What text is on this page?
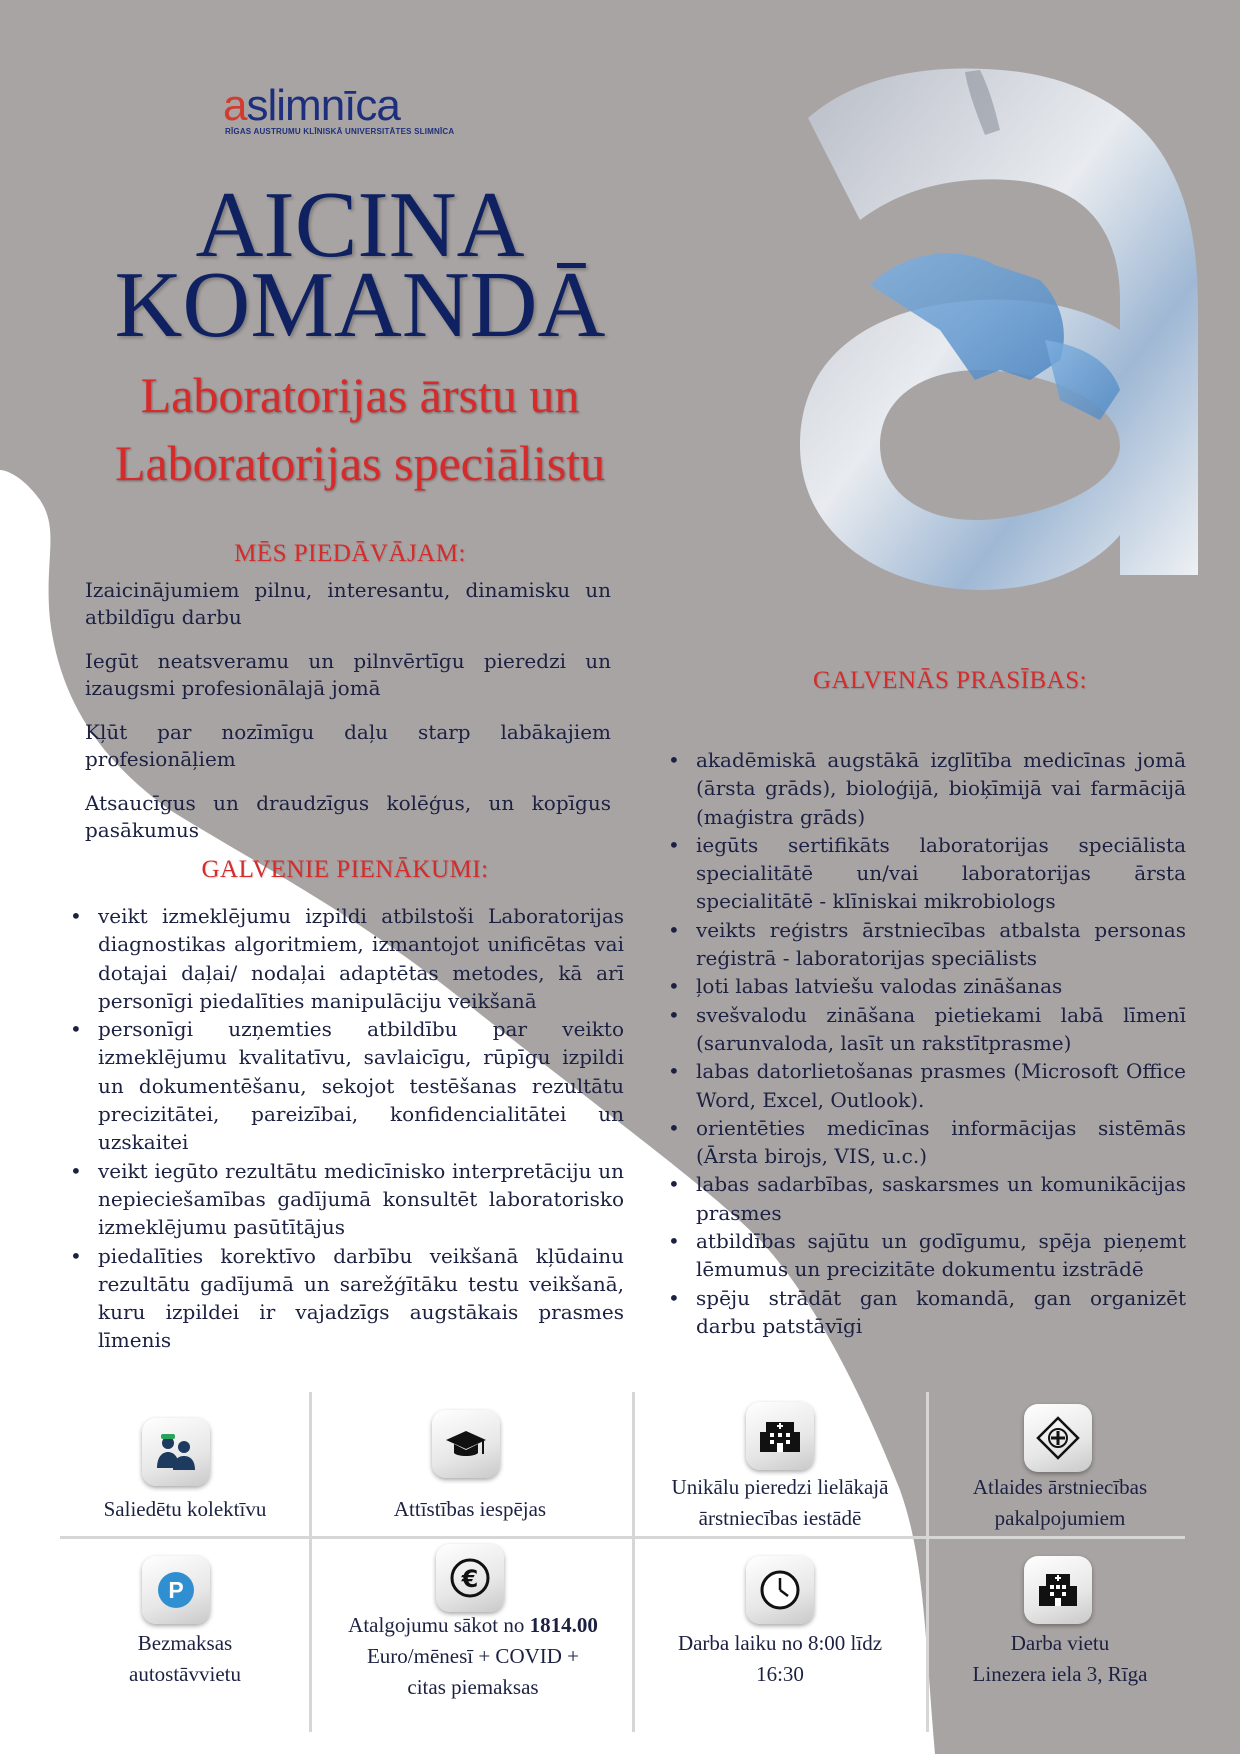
aslimnīca
RĪGAS AUSTRUMU KLĪNISKĀ UNIVERSITĀTES SLIMNĪCA
AICINA
KOMANDĀ
Laboratorijas ārstu un
Laboratorijas speciālistu
MĒS PIEDĀVĀJAM:

Izaicinājumiem pilnu, interesantu, dinamisku un atbildīgu darbu

Iegūt neatsveramu un pilnvērtīgu pieredzi un izaugsmi profesionālajā jomā

Kļūt par nozīmīgu daļu starp labākajiem profesionāļiem

Atsaucīgus un draudzīgus kolēģus, un kopīgus pasākumus

GALVENIE PIENĀKUMI:
• veikt izmeklējumu izpildi atbilstoši Laboratorijas diagnostikas algoritmiem, izmantojot unificētas vai dotajai daļai/ nodaļai adaptētas metodes, kā arī personīgi piedalīties manipulāciju veikšanā
• personīgi uzņemties atbildību par veikto izmeklējumu kvalitatīvu, savlaicīgu, rūpīgu izpildi un dokumentēšanu, sekojot testēšanas rezultātu precizitātei, pareizībai, konfidencialitātei un uzskaitei
• veikt iegūto rezultātu medicīnisko interpretāciju un nepieciešamības gadījumā konsultēt laboratorisko izmeklējumu pasūtītājus
• piedalīties korektīvo darbību veikšanā kļūdainu rezultātu gadījumā un sarežģītāku testu veikšanā, kuru izpildei ir vajadzīgs augstākais prasmes līmenis
GALVENĀS PRASĪBAS:
• akadēmiskā augstākā izglītība medicīnas jomā (ārsta grāds), bioloģijā, bioķīmijā vai farmācijā (maģistra grāds)
• iegūts sertifikāts laboratorijas speciālista specialitātē un/vai laboratorijas ārsta specialitātē - klīniskai mikrobiologs
• veikts reģistrs ārstniecības atbalsta personas reģistrā - laboratorijas speciālists
• ļoti labas latviešu valodas zināšanas
• svešvalodu zināšana pietiekami labā līmenī (sarunvaloda, lasīt un rakstītprasme)
• labas datorlietošanas prasmes (Microsoft Office Word, Excel, Outlook).
• orientēties medicīnas informācijas sistēmās (Ārsta birojs, VIS, u.c.)
• labas sadarbības, saskarsmes un komunikācijas prasmes
• atbildības sajūtu un godīgumu, spēja pieņemt lēmumus un precizitāte dokumentu izstrādē
• spēju strādāt gan komandā, gan organizēt darbu patstāvīgi
Saliedētu kolektīvu	Attīstības iespējas
Unikālu pieredzi lielākajā
ārstniecības iestādē
Atlaides ārstniecības
pakalpojumiem
P
Bezmaksas
autostāvvietu
€
Atalgojumu sākot no 1814.00
Euro/mēnesī + COVID +
citas piemaksas
Darba laiku no 8:00 līdz
16:30
Darba vietu
Linezera iela 3, Rīga
